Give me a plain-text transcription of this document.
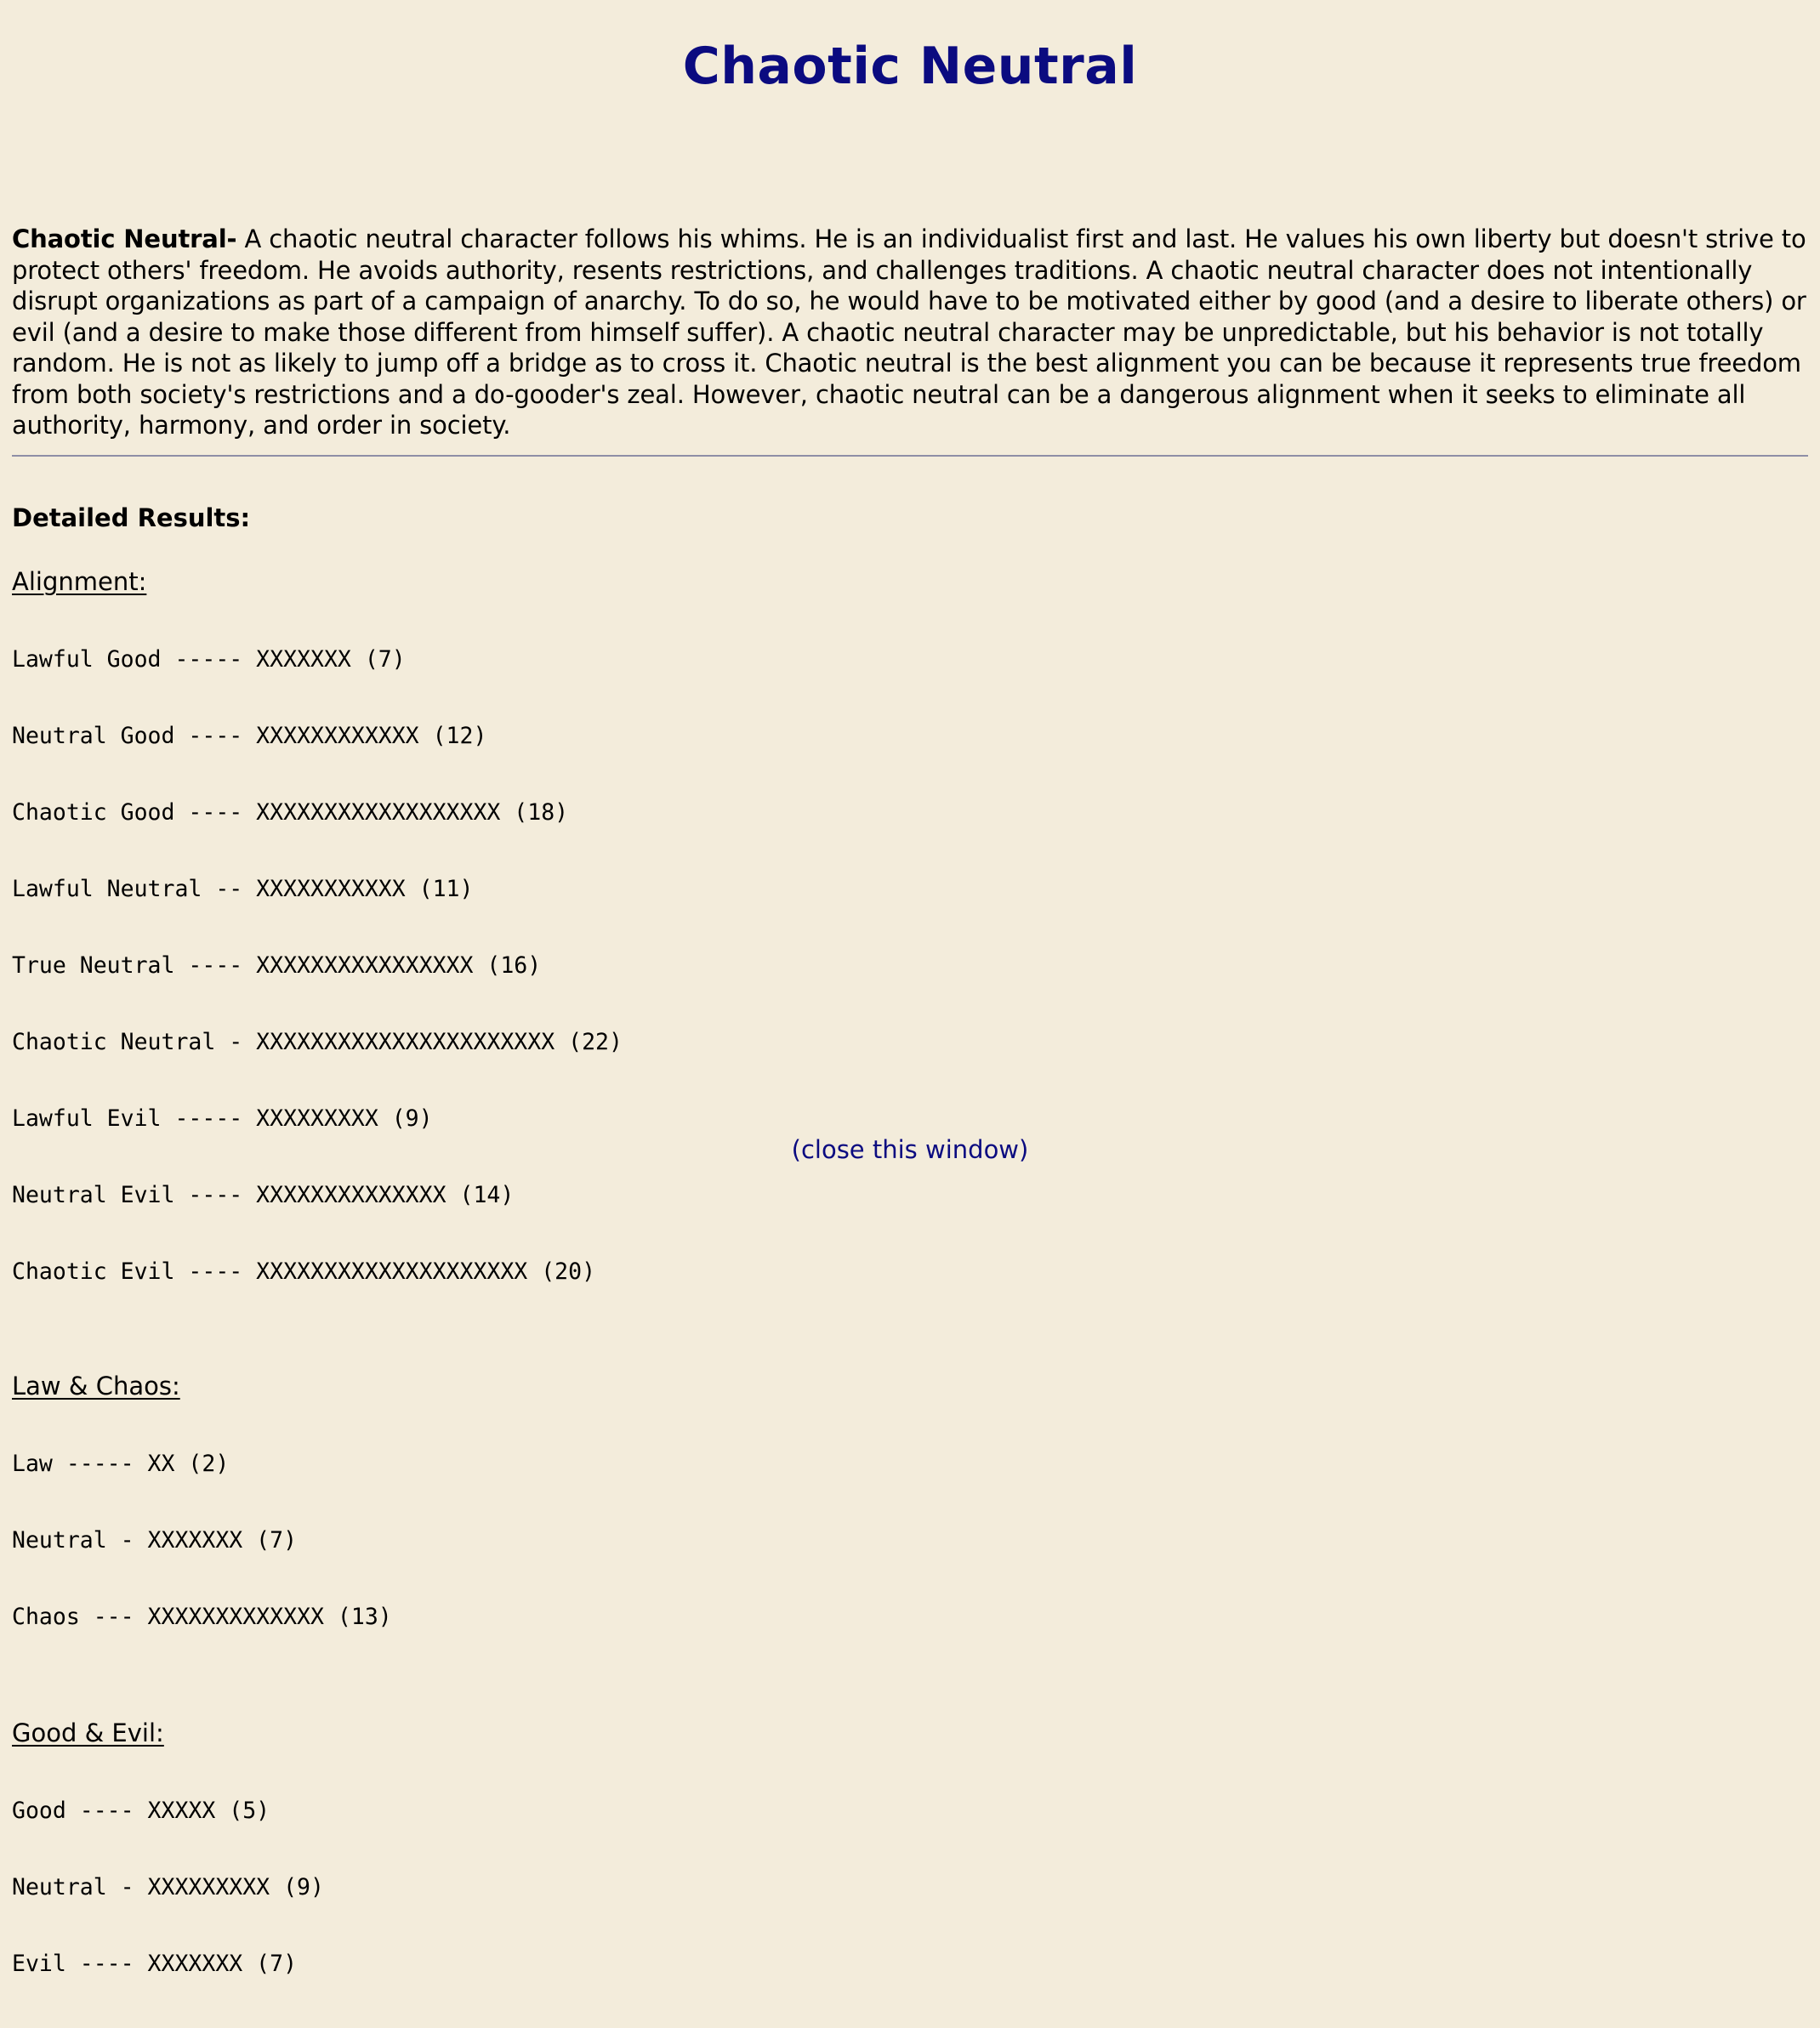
Chaotic Neutral

Chaotic Neutral- A chaotic neutral character follows his whims. He is an individualist first and last. He values his own liberty but doesn't strive to protect others' freedom. He avoids authority, resents restrictions, and challenges traditions. A chaotic neutral character does not intentionally disrupt organizations as part of a campaign of anarchy. To do so, he would have to be motivated either by good (and a desire to liberate others) or evil (and a desire to make those different from himself suffer). A chaotic neutral character may be unpredictable, but his behavior is not totally random. He is not as likely to jump off a bridge as to cross it. Chaotic neutral is the best alignment you can be because it represents true freedom from both society's restrictions and a do-gooder's zeal. However, chaotic neutral can be a dangerous alignment when it seeks to eliminate all authority, harmony, and order in society.

Detailed Results:
Alignment:

Lawful Good ----- XXXXXXX (7)

Neutral Good ---- XXXXXXXXXXXX (12)

Chaotic Good ---- XXXXXXXXXXXXXXXXXX (18)

Lawful Neutral -- XXXXXXXXXXX (11)

True Neutral ---- XXXXXXXXXXXXXXXX (16)

Chaotic Neutral - XXXXXXXXXXXXXXXXXXXXXX (22)

Lawful Evil ----- XXXXXXXXX (9)

Neutral Evil ---- XXXXXXXXXXXXXX (14)

Chaotic Evil ---- XXXXXXXXXXXXXXXXXXXX (20)

Law & Chaos:

Law ----- XX (2)

Neutral - XXXXXXX (7)

Chaos --- XXXXXXXXXXXXX (13)

Good & Evil:

Good ---- XXXXX (5)

Neutral - XXXXXXXXX (9)

Evil ---- XXXXXXX (7)

(close this window)
